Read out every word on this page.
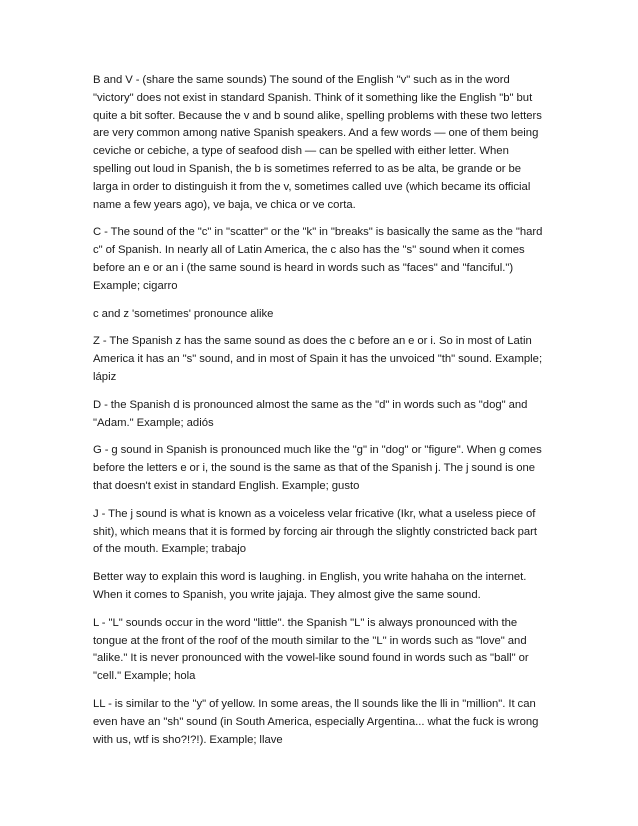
B and V - (share the same sounds) The sound of the English "v" such as in the word "victory" does not exist in standard Spanish. Think of it something like the English "b" but quite a bit softer. Because the v and b sound alike, spelling problems with these two letters are very common among native Spanish speakers. And a few words — one of them being ceviche or cebiche, a type of seafood dish — can be spelled with either letter. When spelling out loud in Spanish, the b is sometimes referred to as be alta, be grande or be larga in order to distinguish it from the v, sometimes called uve (which became its official name a few years ago), ve baja, ve chica or ve corta.

C - The sound of the "c" in "scatter" or the "k" in "breaks" is basically the same as the "hard c" of Spanish. In nearly all of Latin America, the c also has the "s" sound when it comes before an e or an i (the same sound is heard in words such as "faces" and "fanciful.") Example; cigarro

c and z 'sometimes' pronounce alike

Z - The Spanish z has the same sound as does the c before an e or i. So in most of Latin America it has an "s" sound, and in most of Spain it has the unvoiced "th" sound. Example; lápiz

D - the Spanish d is pronounced almost the same as the "d" in words such as "dog" and "Adam." Example; adiós

G - g sound in Spanish is pronounced much like the "g" in "dog" or "figure". When g comes before the letters e or i, the sound is the same as that of the Spanish j. The j sound is one that doesn't exist in standard English. Example; gusto

J - The j sound is what is known as a voiceless velar fricative (Ikr, what a useless piece of shit), which means that it is formed by forcing air through the slightly constricted back part of the mouth. Example; trabajo

Better way to explain this word is laughing. in English, you write hahaha on the internet. When it comes to Spanish, you write jajaja. They almost give the same sound.

L - "L" sounds occur in the word "little". the Spanish "L" is always pronounced with the tongue at the front of the roof of the mouth similar to the "L" in words such as "love" and "alike." It is never pronounced with the vowel-like sound found in words such as "ball" or "cell." Example; hola

LL - is similar to the "y" of yellow. In some areas, the ll sounds like the lli in "million". It can even have an "sh" sound (in South America, especially Argentina... what the fuck is wrong with us, wtf is sho?!?!). Example; llave
